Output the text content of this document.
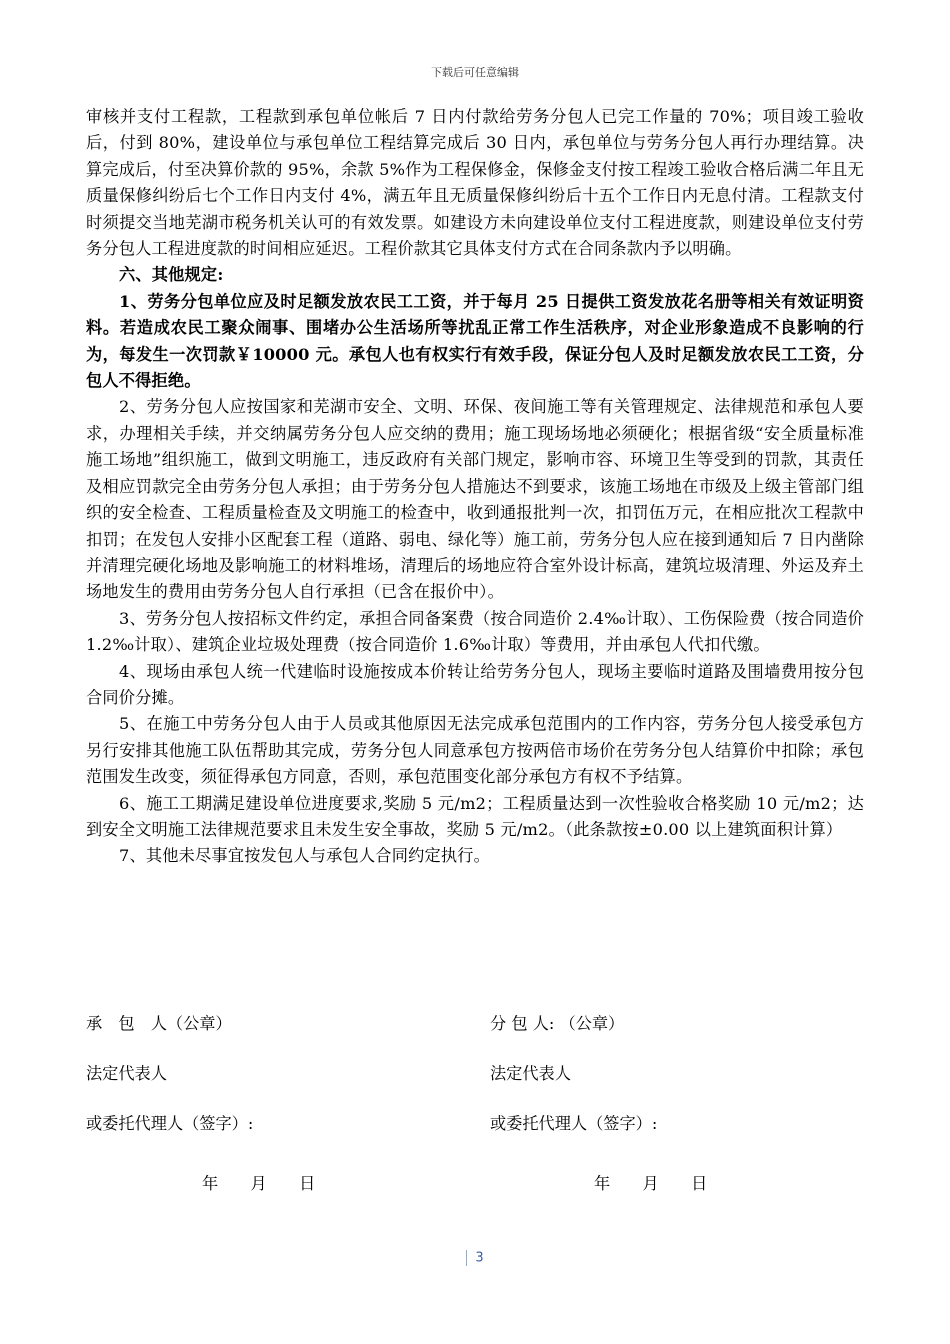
下载后可任意编辑

审核并支付工程款，工程款到承包单位帐后 7 日内付款给劳务分包人已完工作量的 70%；项目竣工验收后，付到 80%，建设单位与承包单位工程结算完成后 30 日内，承包单位与劳务分包人再行办理结算。决算完成后，付至决算价款的 95%，余款 5%作为工程保修金，保修金支付按工程竣工验收合格后满二年且无质量保修纠纷后七个工作日内支付 4%，满五年且无质量保修纠纷后十五个工作日内无息付清。工程款支付时须提交当地芜湖市税务机关认可的有效发票。如建设方未向建设单位支付工程进度款，则建设单位支付劳务分包人工程进度款的时间相应延迟。工程价款其它具体支付方式在合同条款内予以明确。

六、其他规定:

1、劳务分包单位应及时足额发放农民工工资，并于每月 25 日提供工资发放花名册等相关有效证明资料。若造成农民工聚众闹事、围堵办公生活场所等扰乱正常工作生活秩序，对企业形象造成不良影响的行为，每发生一次罚款￥10000 元。承包人也有权实行有效手段，保证分包人及时足额发放农民工工资，分包人不得拒绝。

2、劳务分包人应按国家和芜湖市安全、文明、环保、夜间施工等有关管理规定、法律规范和承包人要求，办理相关手续，并交纳属劳务分包人应交纳的费用；施工现场场地必须硬化；根据省级“安全质量标准施工场地”组织施工，做到文明施工，违反政府有关部门规定，影响市容、环境卫生等受到的罚款，其责任及相应罚款完全由劳务分包人承担；由于劳务分包人措施达不到要求，该施工场地在市级及上级主管部门组织的安全检查、工程质量检查及文明施工的检查中，收到通报批判一次，扣罚伍万元，在相应批次工程款中扣罚；在发包人安排小区配套工程（道路、弱电、绿化等）施工前，劳务分包人应在接到通知后 7 日内凿除并清理完硬化场地及影响施工的材料堆场，清理后的场地应符合室外设计标高，建筑垃圾清理、外运及弃土场地发生的费用由劳务分包人自行承担（已含在报价中）。

3、劳务分包人按招标文件约定，承担合同备案费（按合同造价 2.4‰计取）、工伤保险费（按合同造价 1.2‰计取）、建筑企业垃圾处理费（按合同造价 1.6‰计取）等费用，并由承包人代扣代缴。

4、现场由承包人统一代建临时设施按成本价转让给劳务分包人，现场主要临时道路及围墙费用按分包合同价分摊。

5、在施工中劳务分包人由于人员或其他原因无法完成承包范围内的工作内容，劳务分包人接受承包方另行安排其他施工队伍帮助其完成，劳务分包人同意承包方按两倍市场价在劳务分包人结算价中扣除；承包范围发生改变，须征得承包方同意，否则，承包范围变化部分承包方有权不予结算。

6、施工工期满足建设单位进度要求,奖励 5 元/m2；工程质量达到一次性验收合格奖励 10 元/m2；达到安全文明施工法律规范要求且未发生安全事故，奖励 5 元/m2。（此条款按±0.00 以上建筑面积计算）

7、其他未尽事宜按发包人与承包人合同约定执行。

承　包　人（公章）
法定代表人
或委托代理人（签字）:
年　　月　　日
分 包 人: （公章）
法定代表人
或委托代理人（签字）:
年　　月　　日
3
